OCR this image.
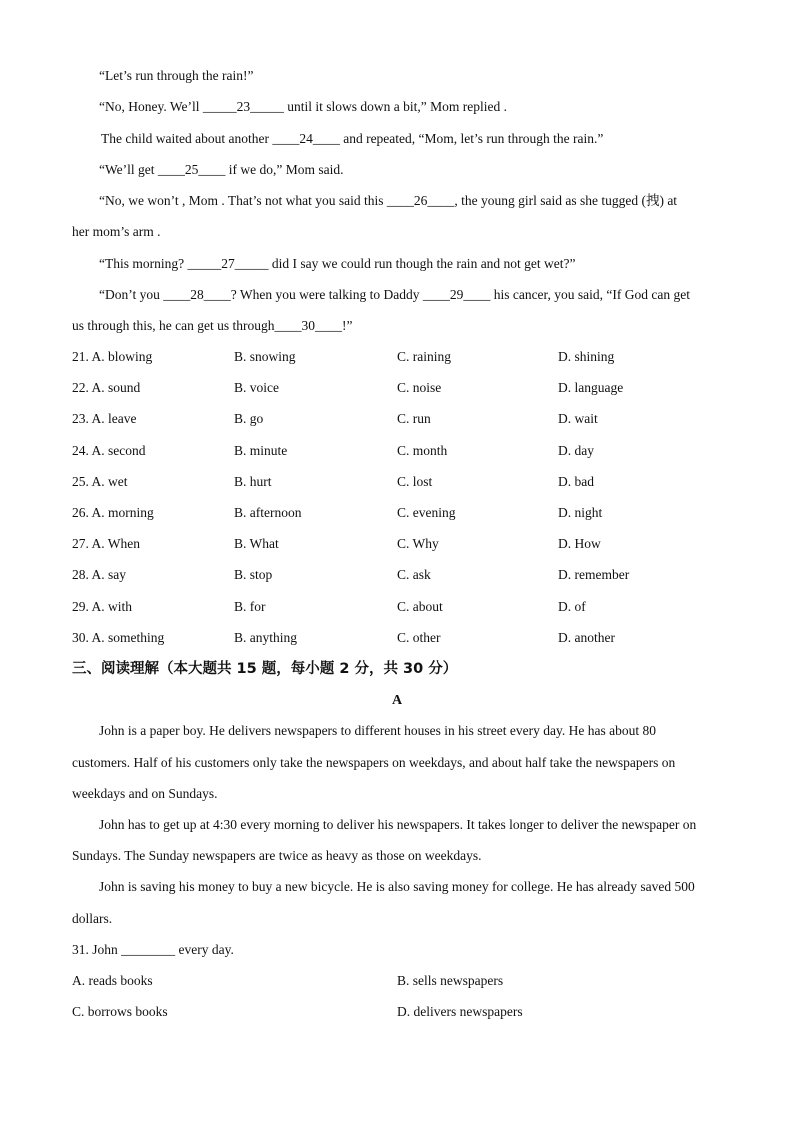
“Let’s run through the rain!”
“No, Honey. We’ll _____23_____ until it slows down a bit,” Mom replied .
The child waited about another ____24____ and repeated, “Mom, let’s run through the rain.”
“We’ll get ____25____ if we do,” Mom said.
“No, we won’t , Mom . That’s not what you said this ____26____, the young girl said as she tugged (拽) at
her mom’s arm .
“This morning? _____27_____ did I say we could run though the rain and not get wet?”
“Don’t you ____28____? When you were talking to Daddy ____29____ his cancer, you said, “If God can get
us through this, he can get us through____30____!”
21. A. blowing	B. snowing	C. raining	D. shining
22. A. sound	B. voice	C. noise	D. language
23. A. leave	B. go	C. run	D. wait
24. A. second	B. minute	C. month	D. day
25. A. wet	B. hurt	C. lost	D. bad
26. A. morning	B. afternoon	C. evening	D. night
27. A. When	B. What	C. Why	D. How
28. A. say	B. stop	C. ask	D. remember
29. A. with	B. for	C. about	D. of
30. A. something	B. anything	C. other	D. another
三、阅读理解（本大题共 15 题，每小题 2 分，共 30 分）
A
John is a paper boy. He delivers newspapers to different houses in his street every day. He has about 80
customers. Half of his customers only take the newspapers on weekdays, and about half take the newspapers on
weekdays and on Sundays.
John has to get up at 4:30 every morning to deliver his newspapers. It takes longer to deliver the newspaper on
Sundays. The Sunday newspapers are twice as heavy as those on weekdays.
John is saving his money to buy a new bicycle. He is also saving money for college. He has already saved 500
dollars.
31. John ________ every day.
A. reads books	B. sells newspapers
C. borrows books	D. delivers newspapers
